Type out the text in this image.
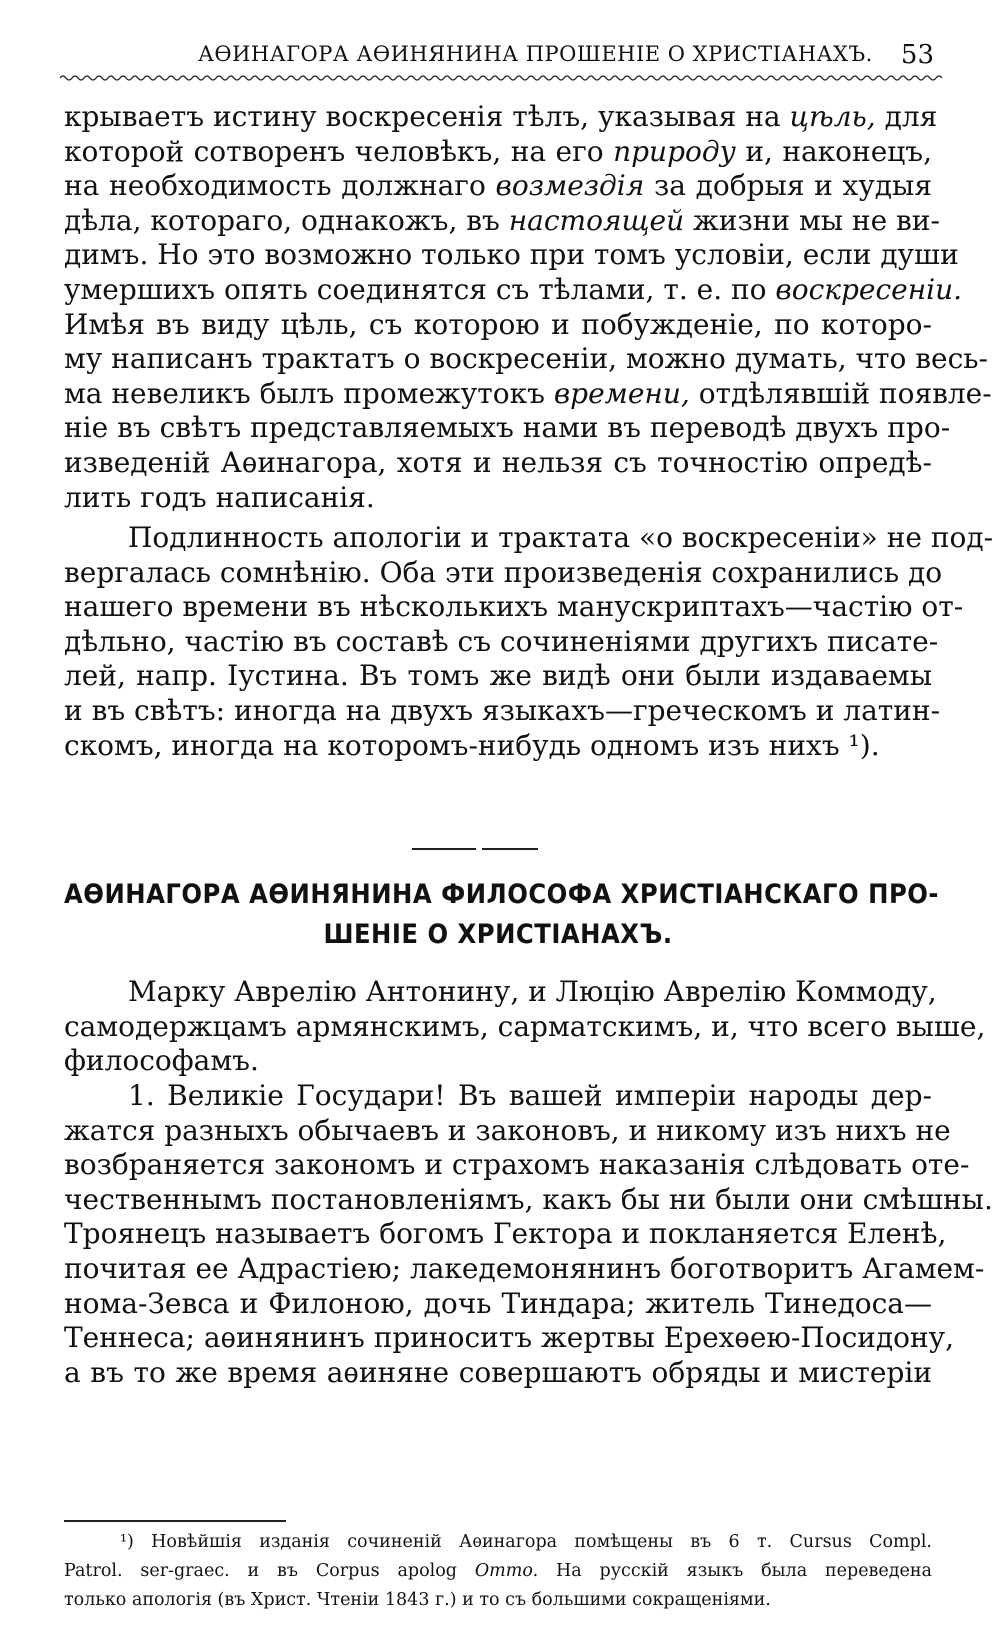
АѲИНАГОРА АѲИНЯНИНА ПРОШЕНІЕ О ХРИСТІАНАХЪ. 53
крываетъ истину воскресенія тѣлъ, указывая на цѣль, для
которой сотворенъ человѣкъ, на его природу и, наконецъ,
на необходимость должнаго возмездія за добрыя и худыя
дѣла, котораго, однакожъ, въ настоящей жизни мы не ви-
димъ. Но это возможно только при томъ условіи, если души
умершихъ опять соединятся съ тѣлами, т. е. по воскресеніи.
Имѣя въ виду цѣль, съ которою и побужденіе, по которо-
му написанъ трактатъ о воскресеніи, можно думать, что весь-
ма невеликъ былъ промежутокъ времени, отдѣлявшій появле-
ніе въ свѣтъ представляемыхъ нами въ переводѣ двухъ про-
изведеній Аѳинагора, хотя и нельзя съ точностію опредѣ-
лить годъ написанія.
Подлинность апологіи и трактата «о воскресеніи» не под-
вергалась сомнѣнію. Оба эти произведенія сохранились до
нашего времени въ нѣсколькихъ манускриптахъ—частію от-
дѣльно, частію въ составѣ съ сочиненіями другихъ писате-
лей, напр. Іустина. Въ томъ же видѣ они были издаваемы
и въ свѣтъ: иногда на двухъ языкахъ—греческомъ и латин-
скомъ, иногда на которомъ-нибудь одномъ изъ нихъ ¹).
АѲИНАГОРА АѲИНЯНИНА ФИЛОСОФА ХРИСТІАНСКАГО ПРО-
ШЕНІЕ О ХРИСТІАНАХЪ.
Марку Аврелію Антонину, и Люцію Аврелію Коммоду,
самодержцамъ армянскимъ, сарматскимъ, и, что всего выше,
философамъ.
1. Великіе Государи! Въ вашей имперіи народы дер-
жатся разныхъ обычаевъ и законовъ, и никому изъ нихъ не
возбраняется закономъ и страхомъ наказанія слѣдовать оте-
чественнымъ постановленіямъ, какъ бы ни были они смѣшны.
Троянецъ называетъ богомъ Гектора и покланяется Еленѣ,
почитая ее Адрастіею; лакедемонянинъ боготворитъ Агамем-
нома-Зевса и Филоною, дочь Тиндара; житель Тинедоса—
Теннеса; аѳинянинъ приноситъ жертвы Ерехѳею-Посидону,
а въ то же время аѳиняне совершаютъ обряды и мистеріи
¹) Новѣйшія изданія сочиненій Аѳинагора помѣщены въ 6 т. Cursus Compl.
Patrol. ser-graec. и въ Corpus apolog Оттo. На русскій языкъ была переведена
только апологія (въ Христ. Чтеніи 1843 г.) и то съ большими сокращеніями.
